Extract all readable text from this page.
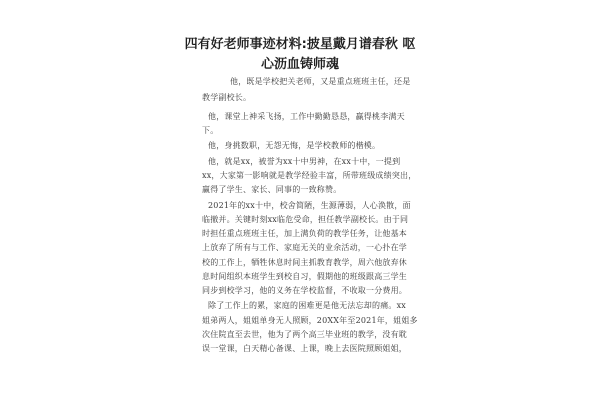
四有好老师事迹材料:披星戴月谱春秋 呕
心沥血铸师魂
他，既是学校把关老师，又是重点班班主任，还是
教学副校长。
他，课堂上神采飞扬，工作中勤勤恳恳，赢得桃李满天
下。
他，身挑数职，无怨无悔，是学校教师的楷模。
他，就是xx，被誉为xx十中男神，在xx十中，一提到
xx，大家第一影响就是教学经验丰富，所带班级成绩突出，
赢得了学生、家长、同事的一致称赞。
2021年的xx十中，校舍简陋，生源薄弱，人心涣散，面
临撤并。关键时刻xx临危受命，担任教学副校长。由于同
时担任重点班班主任，加上满负荷的教学任务，让他基本
上放弃了所有与工作、家庭无关的业余活动，一心扑在学
校的工作上，牺牲休息时间主抓教育教学，周六他放弃休
息时间组织本班学生到校自习，假期他的班级跟高三学生
同步到校学习，他的义务在学校监督，不收取一分费用。
除了工作上的累，家庭的困难更是他无法忘却的痛。xx
姐弟两人，姐姐单身无人照顾，20XX年至2021年，姐姐多
次住院直至去世，他为了两个高三毕业班的教学，没有耽
误一堂课，白天精心备课、上课，晚上去医院照顾姐姐，
